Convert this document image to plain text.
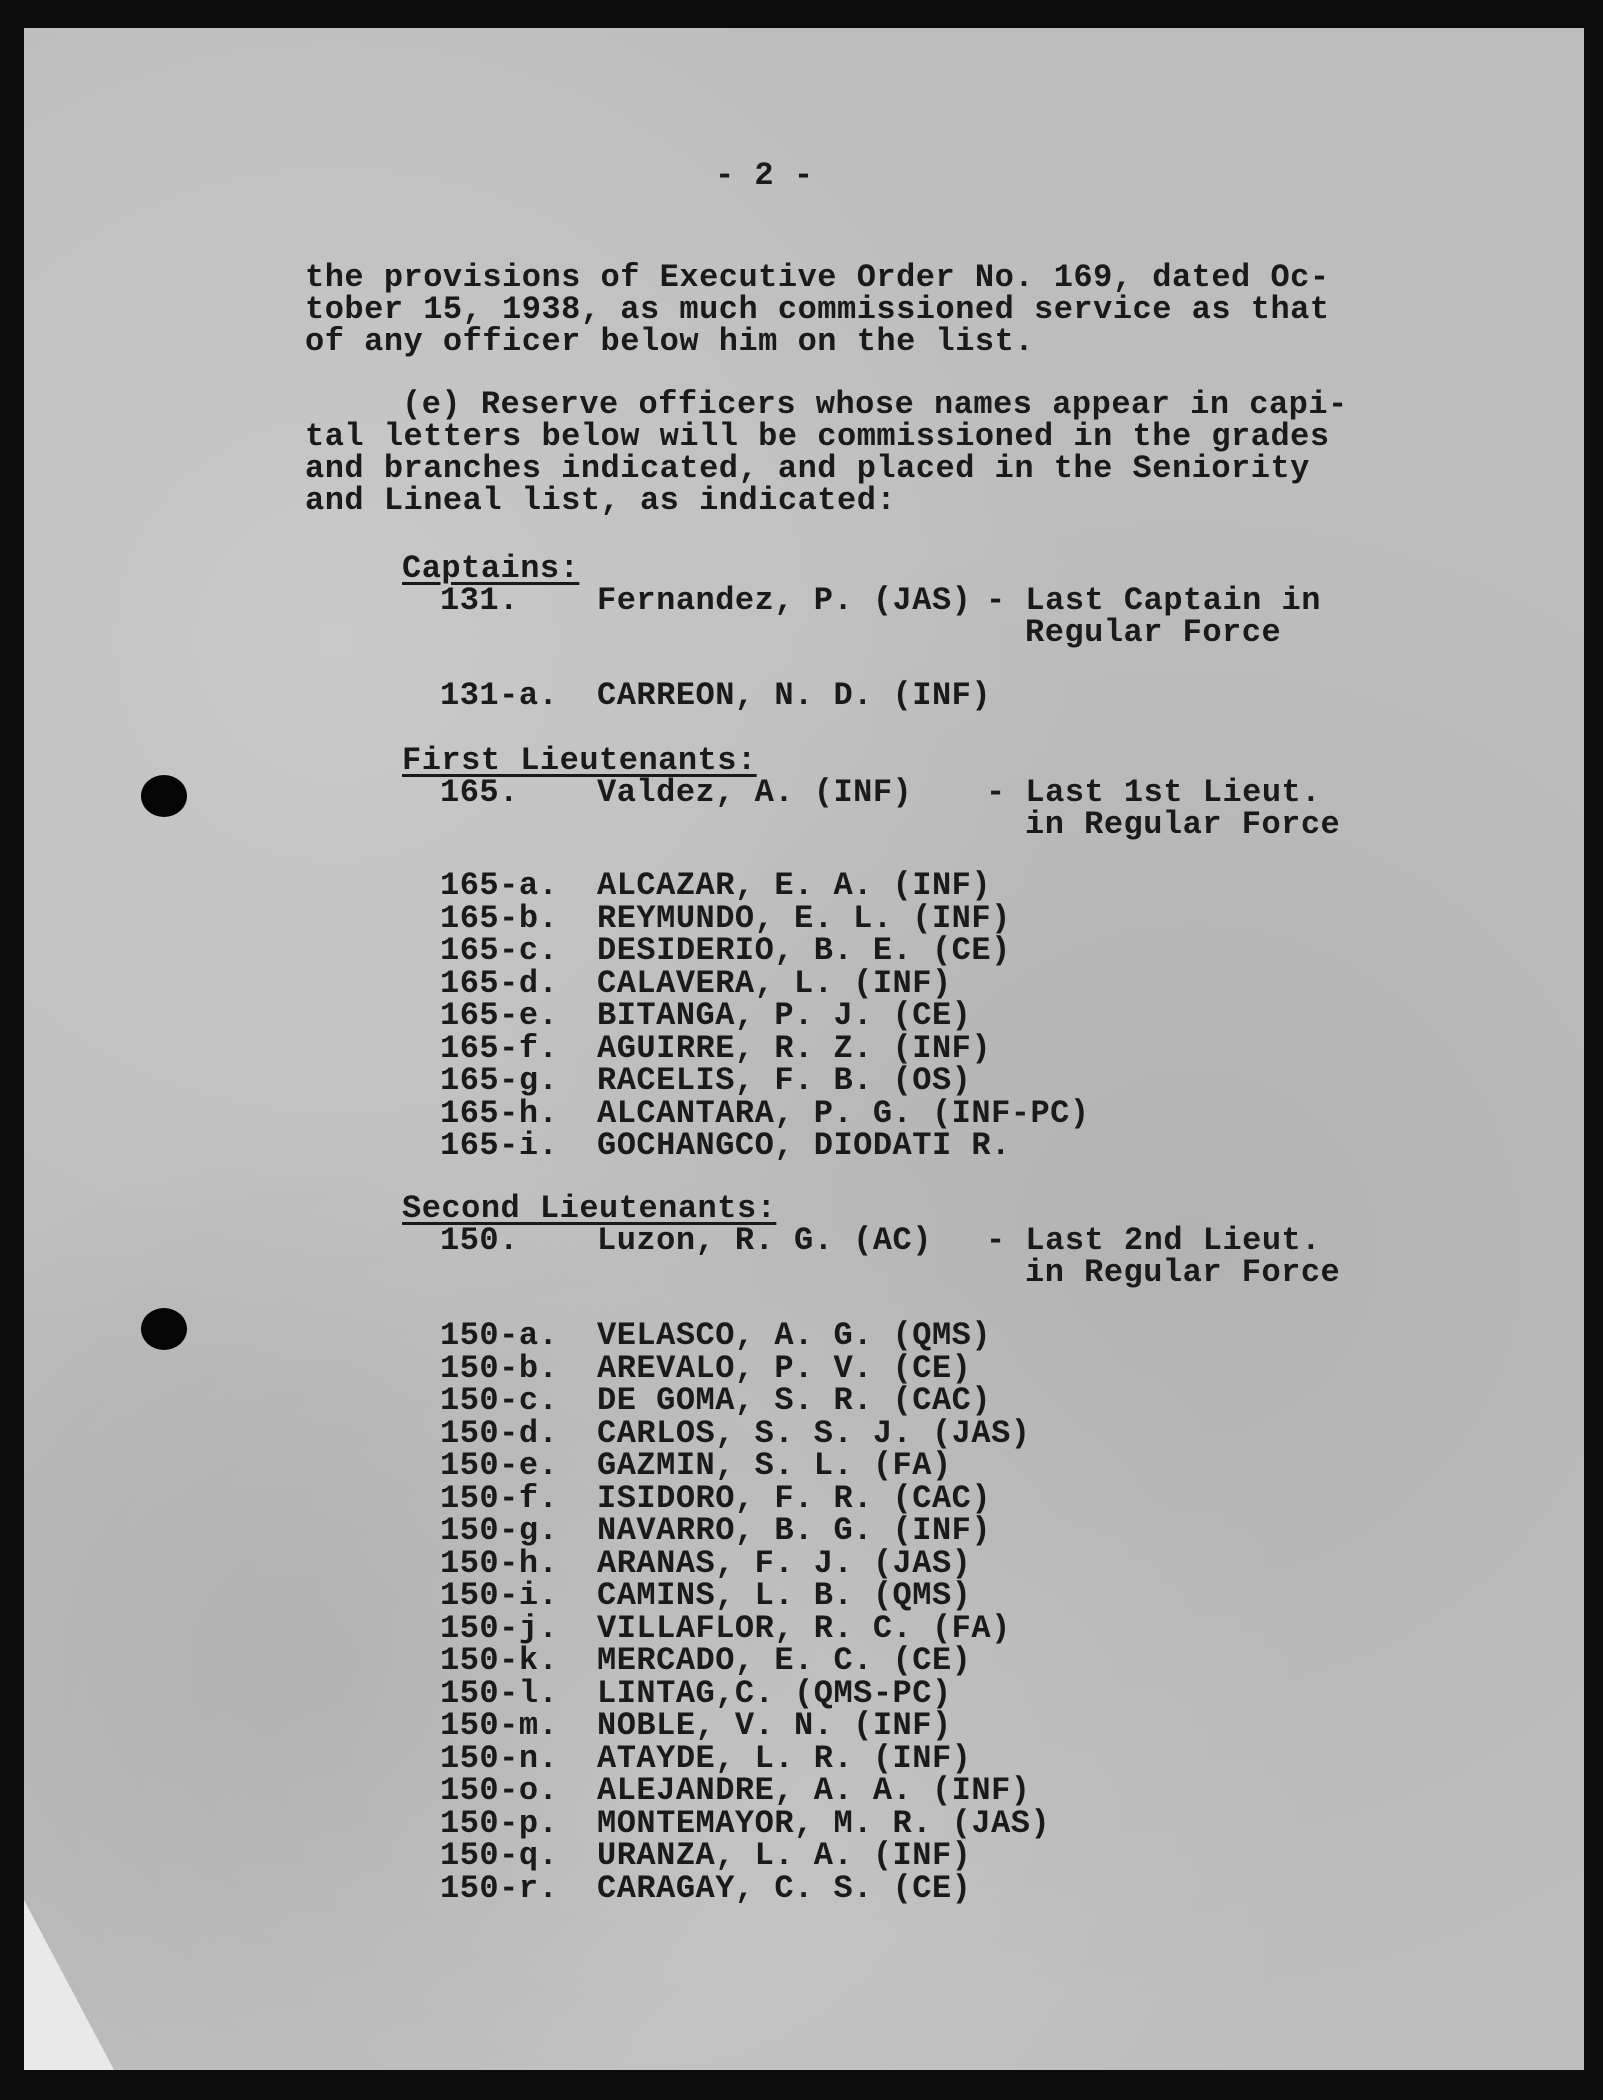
- 2 -
the provisions of Executive Order No. 169, dated Oc-
tober 15, 1938, as much commissioned service as that
of any officer below him on the list.
(e) Reserve officers whose names appear in capi-
tal letters below will be commissioned in the grades
and branches indicated, and placed in the Seniority
and Lineal list, as indicated:
Captains:
131. Fernandez, P. (JAS) - Last Captain in
Regular Force
131-a. CARREON, N. D. (INF)
First Lieutenants:
165. Valdez, A. (INF) - Last 1st Lieut.
in Regular Force
165-a. ALCAZAR, E. A. (INF)
165-b. REYMUNDO, E. L. (INF)
165-c. DESIDERIO, B. E. (CE)
165-d. CALAVERA, L. (INF)
165-e. BITANGA, P. J. (CE)
165-f. AGUIRRE, R. Z. (INF)
165-g. RACELIS, F. B. (OS)
165-h. ALCANTARA, P. G. (INF-PC)
165-i. GOCHANGCO, DIODATI R.
Second Lieutenants:
150. Luzon, R. G. (AC) - Last 2nd Lieut.
in Regular Force
150-a. VELASCO, A. G. (QMS)
150-b. AREVALO, P. V. (CE)
150-c. DE GOMA, S. R. (CAC)
150-d. CARLOS, S. S. J. (JAS)
150-e. GAZMIN, S. L. (FA)
150-f. ISIDORO, F. R. (CAC)
150-g. NAVARRO, B. G. (INF)
150-h. ARANAS, F. J. (JAS)
150-i. CAMINS, L. B. (QMS)
150-j. VILLAFLOR, R. C. (FA)
150-k. MERCADO, E. C. (CE)
150-l. LINTAG,C. (QMS-PC)
150-m. NOBLE, V. N. (INF)
150-n. ATAYDE, L. R. (INF)
150-o. ALEJANDRE, A. A. (INF)
150-p. MONTEMAYOR, M. R. (JAS)
150-q. URANZA, L. A. (INF)
150-r. CARAGAY, C. S. (CE)
